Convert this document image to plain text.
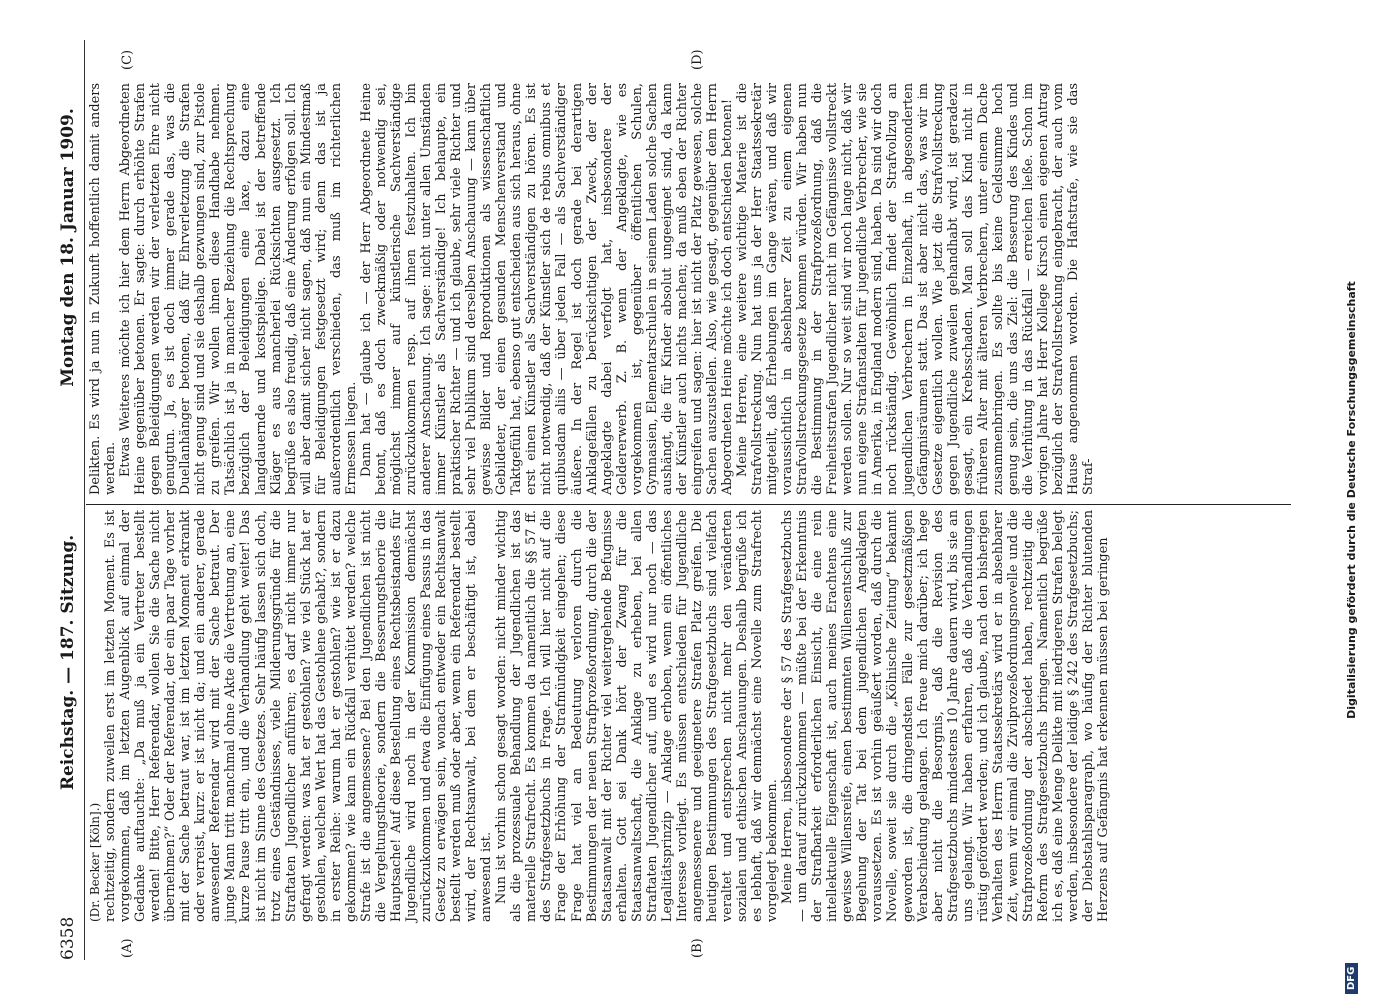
6358
Reichstag. — 187. Sitzung.
Montag den 18. Januar 1909.
(A)	(B)
(C)	(D)

(Dr. Becker [Köln].) rechtzeitig, sondern zuweilen erst im letzten Moment. Es ist vorgekommen, daß im letzten Augenblick auf einmal der Gedanke auftauchte: „Da muß ja ein Vertreter bestellt werden! Bitte, Herr Referendar, wollen Sie die Sache nicht übernehmen?“ Oder der Referendar, der ein paar Tage vorher mit der Sache betraut war, ist im letzten Moment erkrankt oder verreist, kurz: er ist nicht da; und ein anderer, gerade anwesender Referendar wird mit der Sache betraut. Der junge Mann tritt manchmal ohne Akte die Vertretung an, eine kurze Pause tritt ein, und die Verhandlung geht weiter! Das ist nicht im Sinne des Gesetzes. Sehr häufig lassen sich doch, trotz eines Geständnisses, viele Milderungsgründe für die Straftaten Jugendlicher anführen; es darf nicht immer nur gefragt werden: was hat er gestohlen? wie viel Stück hat er gestohlen, welchen Wert hat das Gestohlene gehabt?, sondern in erster Reihe: warum hat er gestohlen? wie ist er dazu gekommen? wie kann ein Rückfall verhütet werden? welche Strafe ist die angemessene? Bei den Jugendlichen ist nicht die Vergeltungstheorie, sondern die Besserungstheorie die Hauptsache! Auf diese Bestellung eines Rechtsbeistandes für Jugendliche wird noch in der Kommission demnächst zurückzukommen und etwa die Einfügung eines Passus in das Gesetz zu erwägen sein, wonach entweder ein Rechtsanwalt bestellt werden muß oder aber, wenn ein Referendar bestellt wird, der Rechtsanwalt, bei dem er beschäftigt ist, dabei anwesend ist. Nun ist vorhin schon gesagt worden: nicht minder wichtig als die prozessuale Behandlung der Jugendlichen ist das materielle Strafrecht. Es kommen da namentlich die §§ 57 ff. des Strafgesetzbuchs in Frage. Ich will hier nicht auf die Frage der Erhöhung der Strafmündigkeit eingehen; diese Frage hat viel an Bedeutung verloren durch die Bestimmungen der neuen Strafprozeßordnung, durch die der Staatsanwalt mit der Richter viel weitergehende Befugnisse erhalten. Gott sei Dank hört der Zwang für die Staatsanwaltschaft, die Anklage zu erheben, bei allen Straftaten Jugendlicher auf, und es wird nur noch — das Legalitätsprinzip — Anklage erhoben, wenn ein öffentliches Interesse vorliegt. Es müssen entschieden für Jugendliche angemessenere und geeignetere Strafen Platz greifen. Die heutigen Bestimmungen des Strafgesetzbuchs sind vielfach veraltet und entsprechen nicht mehr den veränderten sozialen und ethischen Anschauungen. Deshalb begrüße ich es lebhaft, daß wir demnächst eine Novelle zum Strafrecht vorgelegt bekommen. Meine Herren, insbesondere der § 57 des Strafgesetzbuchs — um darauf zurückzukommen — müßte bei der Erkenntnis der Strafbarkeit erforderlichen Einsicht, die eine rein intellektuelle Eigenschaft ist, auch meines Erachtens eine gewisse Willensreife, einen bestimmten Willensentschluß zur Begehung der Tat bei dem jugendlichen Angeklagten voraussetzen. Es ist vorhin geäußert worden, daß durch die Novelle, soweit sie durch die „Kölnische Zeitung“ bekannt geworden ist, die dringendsten Fälle zur gesetzmäßigen Verabschiedung gelangen. Ich freue mich darüber; ich hege aber nicht die Besorgnis, daß die Revision des Strafgesetzbuchs mindestens 10 Jahre dauern wird, bis sie an uns gelangt. Wir haben erfahren, daß die Verhandlungen rüstig gefördert werden; und ich glaube, nach den bisherigen Verhalten des Herrn Staatssekretärs wird er in absehbarer Zeit, wenn wir einmal die Zivilprozeßordnungsnovelle und die Strafprozeßordnung der abschiedet haben, rechtzeitig die Reform des Strafgesetzbuchs bringen. Namentlich begrüße ich es, daß eine Menge Delikte mit niedrigeren Strafen belegt werden, insbesondere der leidige § 242 des Strafgesetzbuchs; der Diebstahlsparagraph, wo häufig der Richter blutenden Herzens auf Gefängnis hat erkennen müssen bei geringen

Delikten. Es wird ja nun in Zukunft hoffentlich damit anders werden. Etwas Weiteres möchte ich hier dem Herrn Abgeordneten Heine gegenüber betonen. Er sagte: durch erhöhte Strafen gegen Beleidigungen werden wir der verletzten Ehre nicht genugtun. Ja, es ist doch immer gerade das, was die Duellanhänger betonen, daß für Ehrverletzung die Strafen nicht genug sind und sie deshalb gezwungen sind, zur Pistole zu greifen. Wir wollen ihnen diese Handhabe nehmen. Tatsächlich ist ja in mancher Beziehung die Rechtsprechung bezüglich der Beleidigungen eine laxe, dazu eine langdauernde und kostspielige. Dabei ist der betreffende Kläger es aus mancherlei Rücksichten ausgesetzt. Ich begrüße es also freudig, daß eine Änderung erfolgen soll. Ich will aber damit sicher nicht sagen, daß nun ein Mindestmaß für Beleidigungen festgesetzt wird; denn das ist ja außerordentlich verschieden, das muß im richterlichen Ermessen liegen. Dann hat — glaube ich — der Herr Abgeordnete Heine betont, daß es doch zweckmäßig oder notwendig sei, möglichst immer auf künstlerische Sachverständige zurückzukommen resp. auf ihnen festzuhalten. Ich bin anderer Anschauung. Ich sage: nicht unter allen Umständen immer Künstler als Sachverständige! Ich behaupte, ein praktischer Richter — und ich glaube, sehr viele Richter und sehr viel Publikum sind derselben Anschauung — kann über gewisse Bilder und Reproduktionen als wissenschaftlich Gebildeter, der einen gesunden Menschenverstand und Taktgefühl hat, ebenso gut entscheiden aus sich heraus, ohne erst einen Künstler als Sachverständigen zu hören. Es ist nicht notwendig, daß der Künstler sich de rebus omnibus et quibusdam aliis — über jeden Fall — als Sachverständiger äußere. In der Regel ist doch gerade bei derartigen Anklagefällen zu berücksichtigen der Zweck, der der Angeklagte dabei verfolgt hat, insbesondere der Geldererwerb. Z. B. wenn der Angeklagte, wie es vorgekommen ist, gegenüber öffentlichen Schulen, Gymnasien, Elementarschulen in seinem Laden solche Sachen aushängt, die für Kinder absolut ungeeignet sind, da kann der Künstler auch nichts machen; da muß eben der Richter eingreifen und sagen: hier ist nicht der Platz gewesen, solche Sachen auszustellen. Also, wie gesagt, gegenüber dem Herrn Abgeordneten Heine möchte ich doch entschieden betonen! Meine Herren, eine weitere wichtige Materie ist die Strafvollstreckung. Nun hat uns ja der Herr Staatssekretär mitgeteilt, daß Erhebungen im Gange wären, und daß wir voraussichtlich in absehbarer Zeit zu einem eigenen Strafvollstreckungsgesetze kommen würden. Wir haben nun die Bestimmung in der Strafprozeßordnung, daß die Freiheitsstrafen Jugendlicher nicht im Gefängnisse vollstreckt werden sollen. Nur so weit sind wir noch lange nicht, daß wir nun eigene Strafanstalten für jugendliche Verbrecher, wie sie in Amerika, in England modern sind, haben. Da sind wir doch noch rückständig. Gewöhnlich findet der Strafvollzug an jugendlichen Verbrechern in Einzelhaft, in abgesonderten Gefängnisräumen statt. Das ist aber nicht das, was wir im Gesetze eigentlich wollen. Wie jetzt die Strafvollstreckung gegen Jugendliche zuweilen gehandhabt wird, ist geradezu gesagt, ein Krebsschaden. Man soll das Kind nicht in früheren Alter mit älteren Verbrechern, unter einem Dache zusammenbringen. Es sollte bis keine Geldsumme hoch genug sein, die uns das Ziel: die Besserung des Kindes und die Verhütung in das Rückfall — erreichen ließe. Schon im vorigen Jahre hat Herr Kollege Kirsch einen eigenen Antrag bezüglich der Strafvollstreckung eingebracht, der auch vom Hause angenommen worden. Die Haftstrafe, wie sie das Straf-	Digitalisierung gefördert durch die Deutsche Forschungsgemeinschaft
DFG
